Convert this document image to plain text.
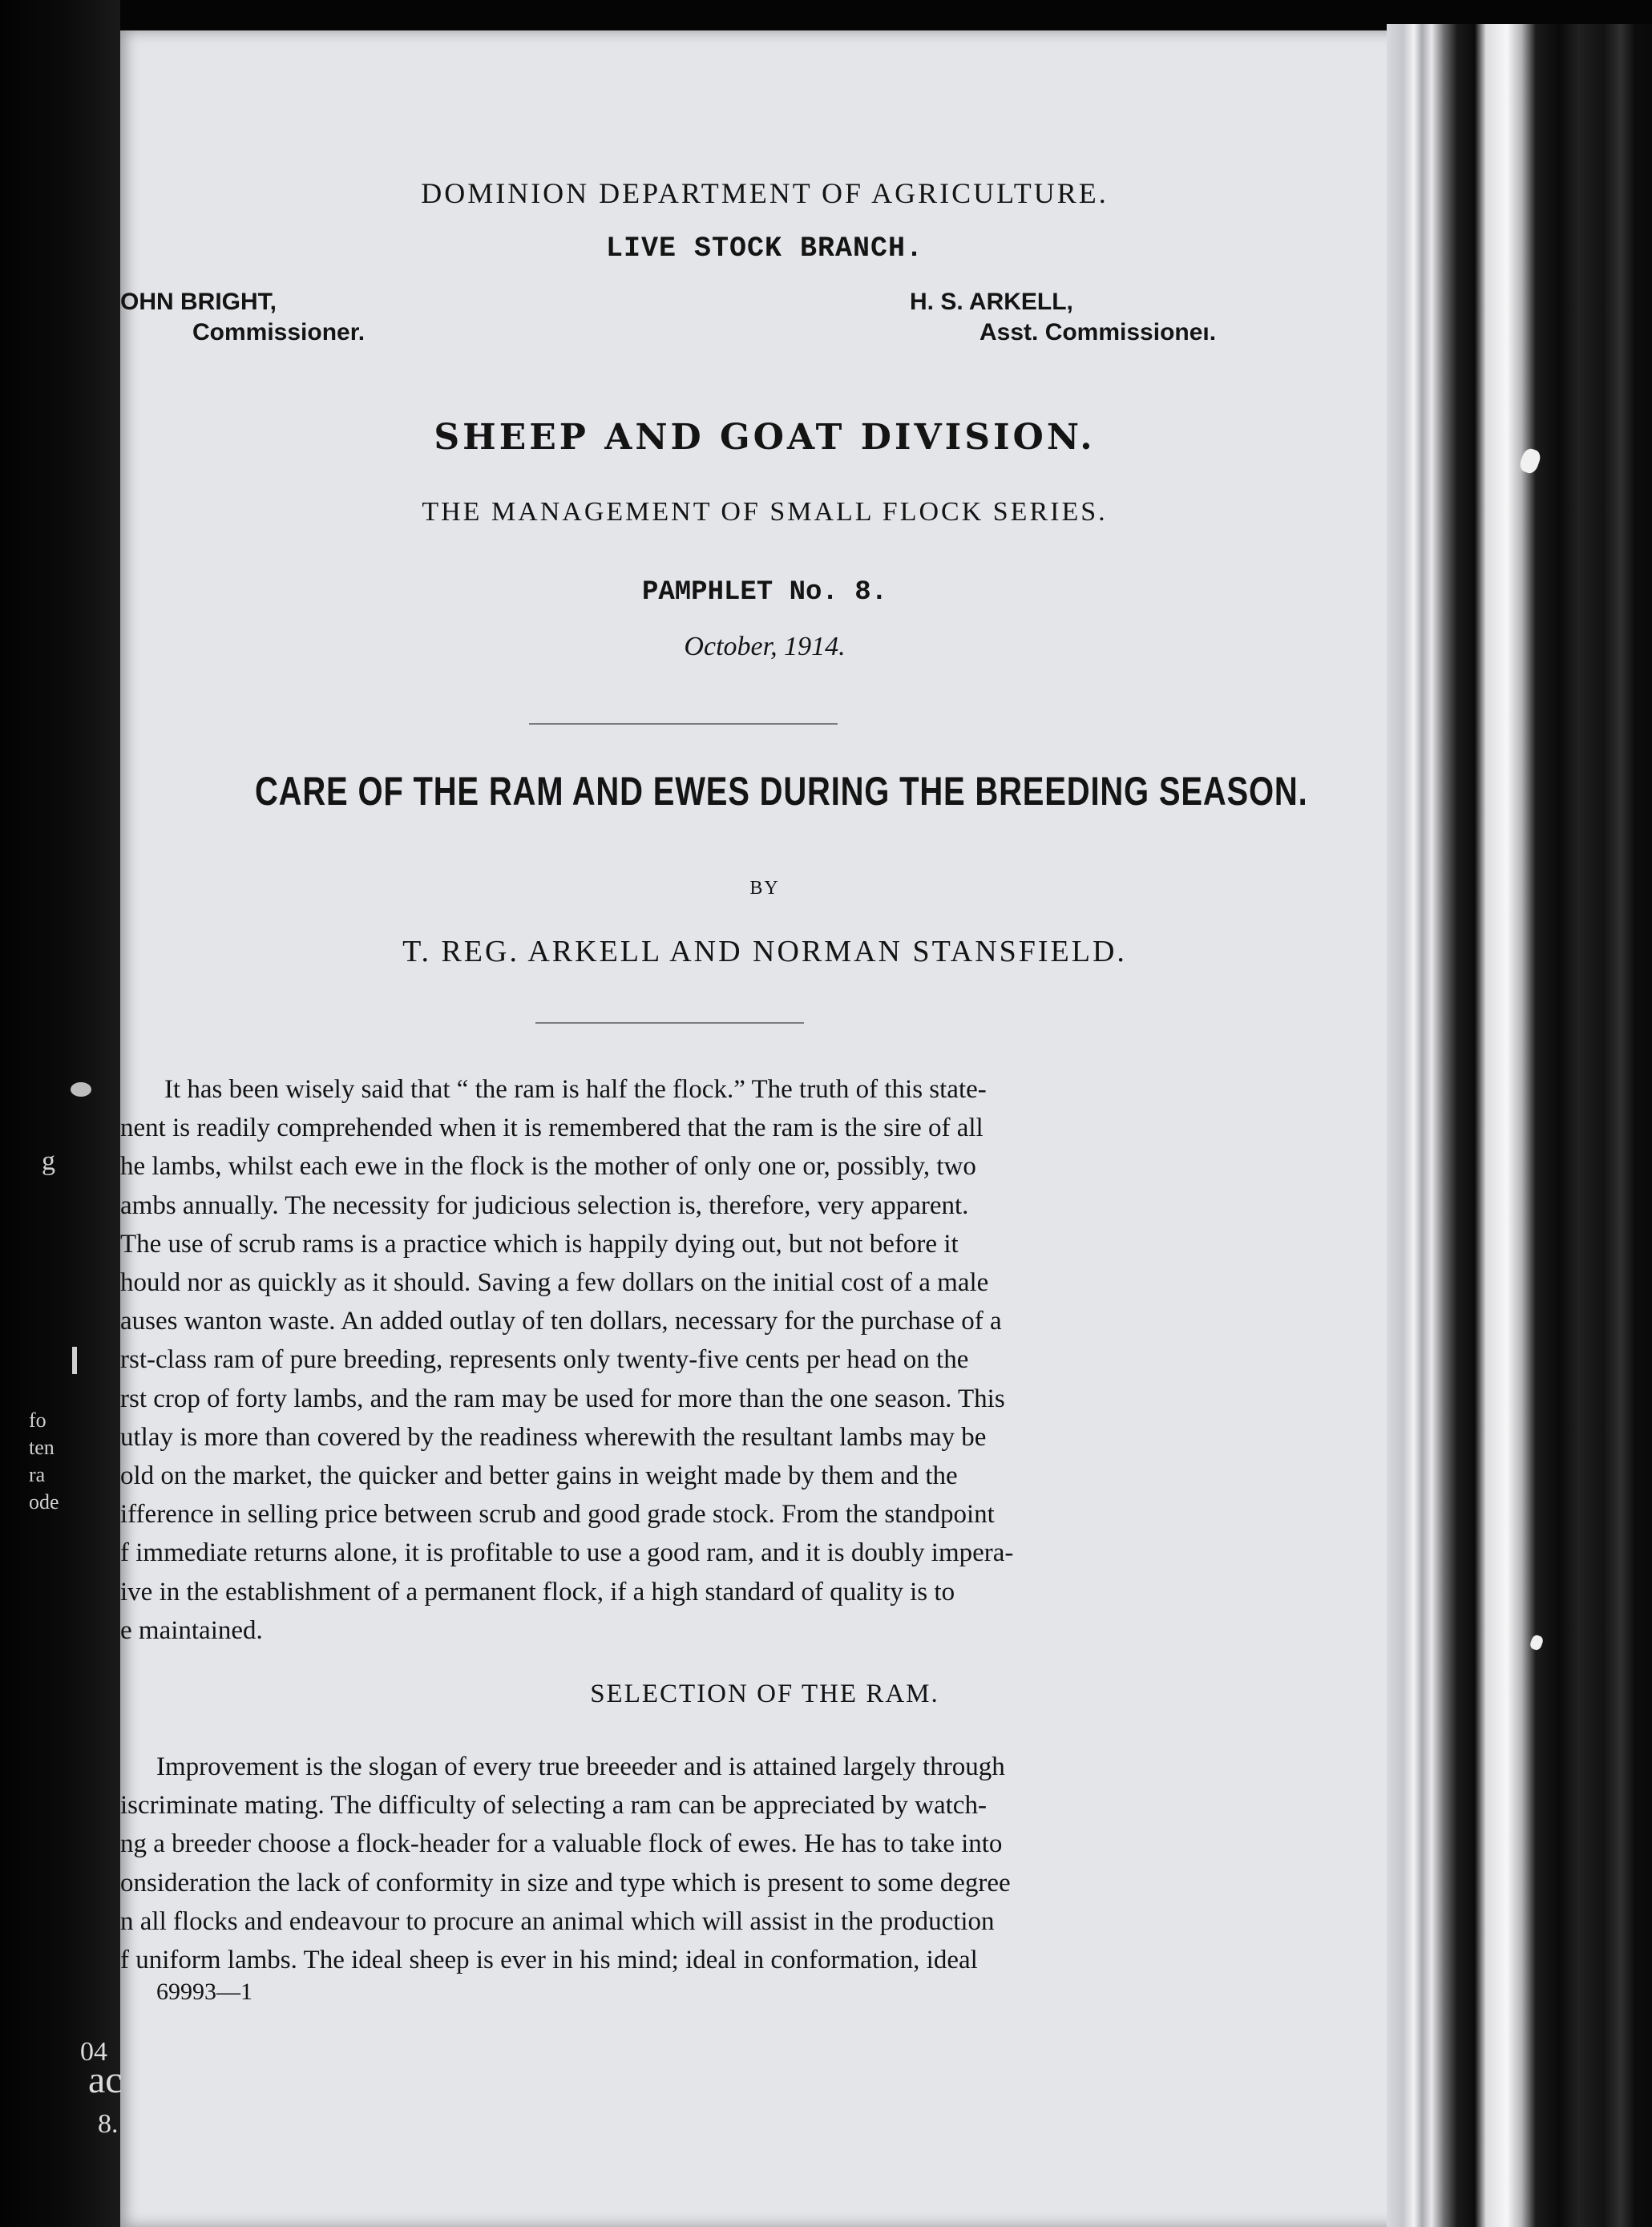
g
fo
ten
ra
ode

DOMINION DEPARTMENT OF AGRICULTURE.

LIVE STOCK BRANCH.

OHN BRIGHT,
Commissioner.
H. S. ARKELL,
Asst. Commissioneı.

SHEEP AND GOAT DIVISION.

THE MANAGEMENT OF SMALL FLOCK SERIES.

PAMPHLET No. 8.

October, 1914.

CARE OF THE RAM AND EWES DURING THE BREEDING SEASON.

BY

T. REG. ARKELL AND NORMAN STANSFIELD.

It has been wisely said that “ the ram is half the flock.” The truth of this state-
nent is readily comprehended when it is remembered that the ram is the sire of all
he lambs, whilst each ewe in the flock is the mother of only one or, possibly, two
ambs annually. The necessity for judicious selection is, therefore, very apparent.
The use of scrub rams is a practice which is happily dying out, but not before it
hould nor as quickly as it should. Saving a few dollars on the initial cost of a male
auses wanton waste. An added outlay of ten dollars, necessary for the purchase of a
rst-class ram of pure breeding, represents only twenty-five cents per head on the
rst crop of forty lambs, and the ram may be used for more than the one season. This
utlay is more than covered by the readiness wherewith the resultant lambs may be
old on the market, the quicker and better gains in weight made by them and the
ifference in selling price between scrub and good grade stock. From the standpoint
f immediate returns alone, it is profitable to use a good ram, and it is doubly impera-
ive in the establishment of a permanent flock, if a high standard of quality is to
e maintained.

SELECTION OF THE RAM.

Improvement is the slogan of every true breeeder and is attained largely through
iscriminate mating. The difficulty of selecting a ram can be appreciated by watch-
ng a breeder choose a flock-header for a valuable flock of ewes. He has to take into
onsideration the lack of conformity in size and type which is present to some degree
n all flocks and endeavour to procure an animal which will assist in the production
f uniform lambs. The ideal sheep is ever in his mind; ideal in conformation, ideal

69993—1

04
ac
8.
